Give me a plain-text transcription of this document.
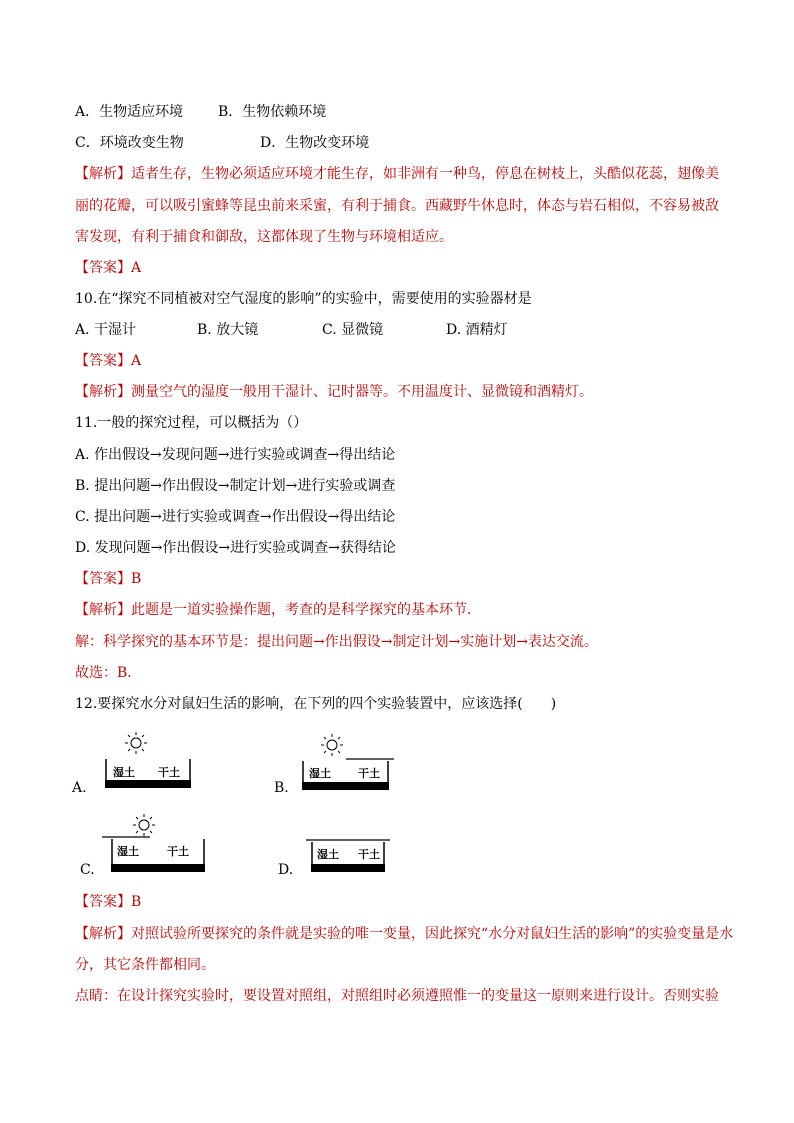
A．生物适应环境 B．生物依赖环境
C．环境改变生物	D．生物改变环境
【解析】适者生存，生物必须适应环境才能生存，如非洲有一种鸟，停息在树枝上，头酷似花蕊，翅像美
丽的花瓣，可以吸引蜜蜂等昆虫前来采蜜，有利于捕食。西藏野牛休息时，体态与岩石相似，不容易被敌
害发现，有利于捕食和御敌，这都体现了生物与环境相适应。
【答案】A
10.在“探究不同植被对空气湿度的影响”的实验中，需要使用的实验器材是
A. 干湿计	B. 放大镜	C. 显微镜	D. 酒精灯
【答案】A
【解析】测量空气的湿度一般用干湿计、记时器等。不用温度计、显微镜和酒精灯。
11.一般的探究过程，可以概括为（）
A. 作出假设→发现问题→进行实验或调查→得出结论
B. 提出问题→作出假设→制定计划→进行实验或调查
C. 提出问题→进行实验或调查→作出假设→得出结论
D. 发现问题→作出假设→进行实验或调查→获得结论
【答案】B
【解析】此题是一道实验操作题，考查的是科学探究的基本环节．
解：科学探究的基本环节是：提出问题→作出假设→制定计划→实施计划→表达交流。
故选：B．
12.要探究水分对鼠妇生活的影响，在下列的四个实验装置中，应该选择(　　)
A.
湿土 干土
B.
湿土 干土
C.
湿土	干土
D.
湿土 干土
【答案】B
【解析】对照试验所要探究的条件就是实验的唯一变量，因此探究“水分对鼠妇生活的影响”的实验变量是水
分，其它条件都相同。
点睛：在设计探究实验时，要设置对照组，对照组时必须遵照惟一的变量这一原则来进行设计。否则实验
